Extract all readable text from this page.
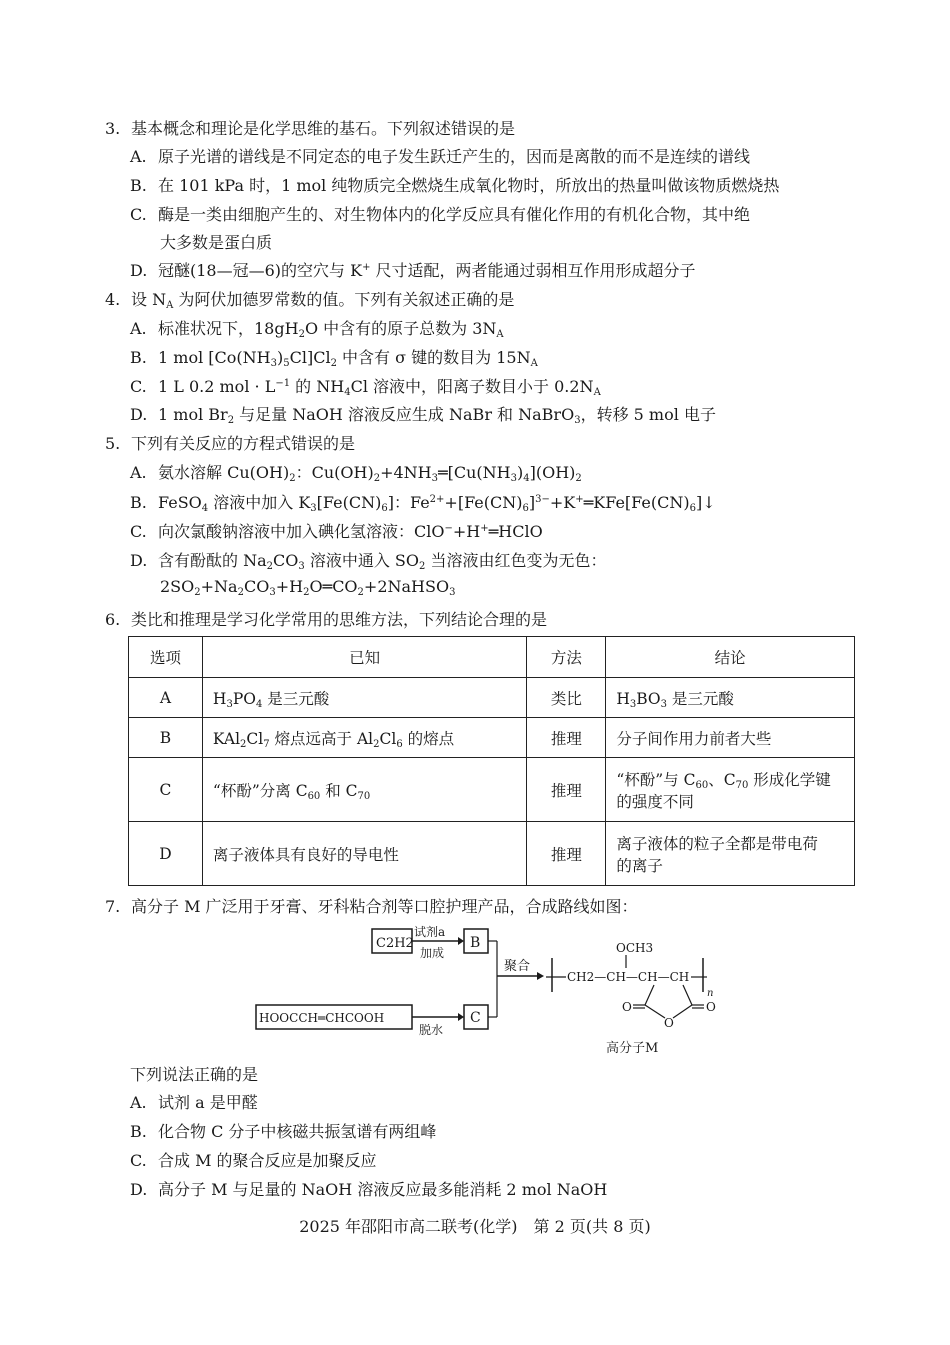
3. 基本概念和理论是化学思维的基石。下列叙述错误的是
A. 原子光谱的谱线是不同定态的电子发生跃迁产生的，因而是离散的而不是连续的谱线
B. 在 101 kPa 时，1 mol 纯物质完全燃烧生成氧化物时，所放出的热量叫做该物质燃烧热
C. 酶是一类由细胞产生的、对生物体内的化学反应具有催化作用的有机化合物，其中绝
大多数是蛋白质
D. 冠醚(18—冠—6)的空穴与 K+ 尺寸适配，两者能通过弱相互作用形成超分子
4. 设 $N_A$ 为阿伏加德罗常数的值。下列有关叙述正确的是
A. 标准状况下，$18gH_2O$ 中含有的原子总数为 $3N_A$
B. 1 mol $[Co(NH_3)_5Cl]Cl_2$ 中含有 σ 键的数目为 $15N_A$
C. 1 L 0.2 mol · $L^{-1}$ 的 $NH_4Cl$ 溶液中，阳离子数目小于 $0.2N_A$
D. 1 mol $Br_2$ 与足量 NaOH 溶液反应生成 NaBr 和 NaBrO$_3$，转移 5 mol 电子
5. 下列有关反应的方程式错误的是
A. 氨水溶解 $Cu(OH)_2$：$Cu(OH)_2+4NH_3═[Cu(NH_3)_4](OH)_2$
B. FeSO$_4$ 溶液中加入 $K_3[Fe(CN)_6]$：$Fe^{2+}+[Fe(CN)_6]^{3-}+K^+═KFe[Fe(CN)_6]↓$
C. 向次氯酸钠溶液中加入碘化氢溶液：ClO−+H+═HClO
D. 含有酚酞的 $Na_2CO_3$ 溶液中通入 $SO_2$ 当溶液由红色变为无色：
$2SO_2+Na_2CO_3+H_2O═CO_2+2NaHSO_3$
6. 类比和推理是学习化学常用的思维方法，下列结论合理的是
选项	已知	方法	结论
A	$H_3PO_4$ 是三元酸	类比	$H_3BO_3$ 是三元酸
B	$KAl_2Cl_7$ 熔点远高于 $Al_2Cl_6$ 的熔点	推理	分子间作用力前者大些
C	“杯酚”分离 $C_{60}$ 和 $C_{70}$	推理	“杯酚”与 $C_{60}$、$C_{70}$ 形成化学键
的强度不同
D	离子液体具有良好的导电性	推理	离子液体的粒子全都是带电荷
的离子
7. 高分子 M 广泛用于牙膏、牙科粘合剂等口腔护理产品，合成路线如图：
C2H2
试剂a
加成
B
HOOCCH═CHCOOH
脱水
C
聚合
CH2—CH—CH—CH
n
OCH3
O
O	O
高分子M
下列说法正确的是
A. 试剂 a 是甲醛
B. 化合物 C 分子中核磁共振氢谱有两组峰
C. 合成 M 的聚合反应是加聚反应
D. 高分子 M 与足量的 NaOH 溶液反应最多能消耗 2 mol NaOH
2025 年邵阳市高二联考(化学)　第 2 页(共 8 页)
